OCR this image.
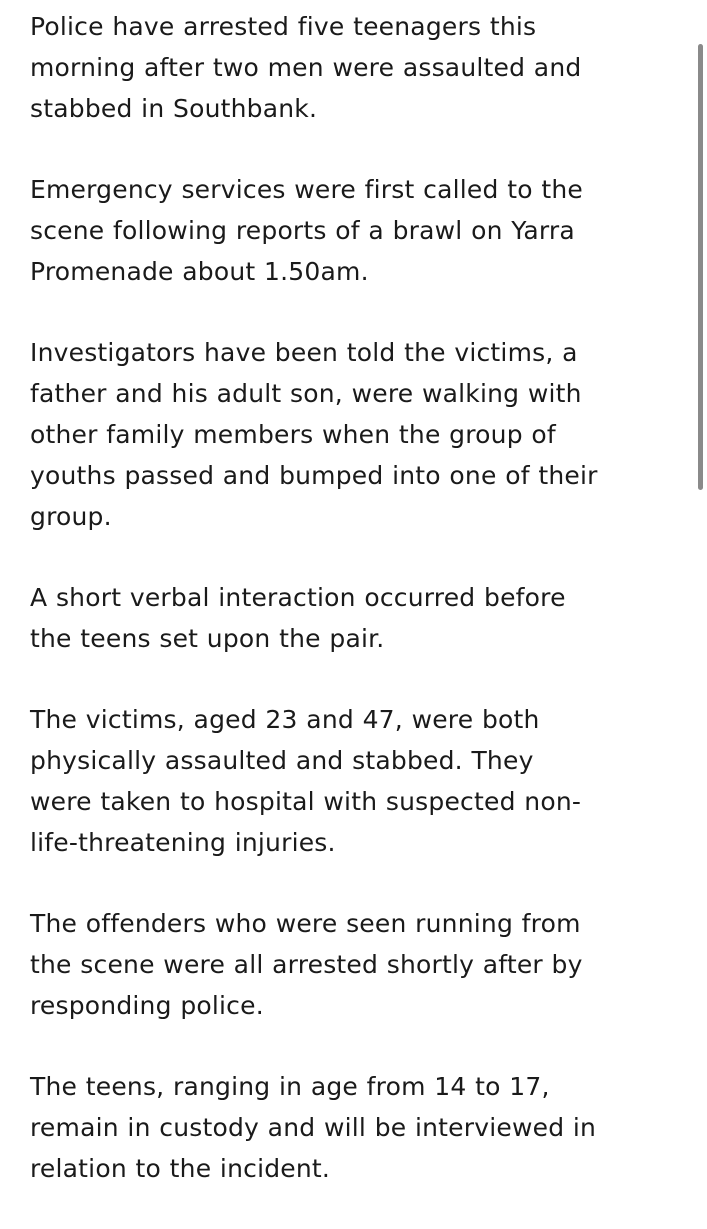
Police have arrested five teenagers this
morning after two men were assaulted and
stabbed in Southbank.

Emergency services were first called to the
scene following reports of a brawl on Yarra
Promenade about 1.50am.

Investigators have been told the victims, a
father and his adult son, were walking with
other family members when the group of
youths passed and bumped into one of their
group.

A short verbal interaction occurred before
the teens set upon the pair.

The victims, aged 23 and 47, were both
physically assaulted and stabbed. They
were taken to hospital with suspected non-
life-threatening injuries.

The offenders who were seen running from
the scene were all arrested shortly after by
responding police.

The teens, ranging in age from 14 to 17,
remain in custody and will be interviewed in
relation to the incident.
